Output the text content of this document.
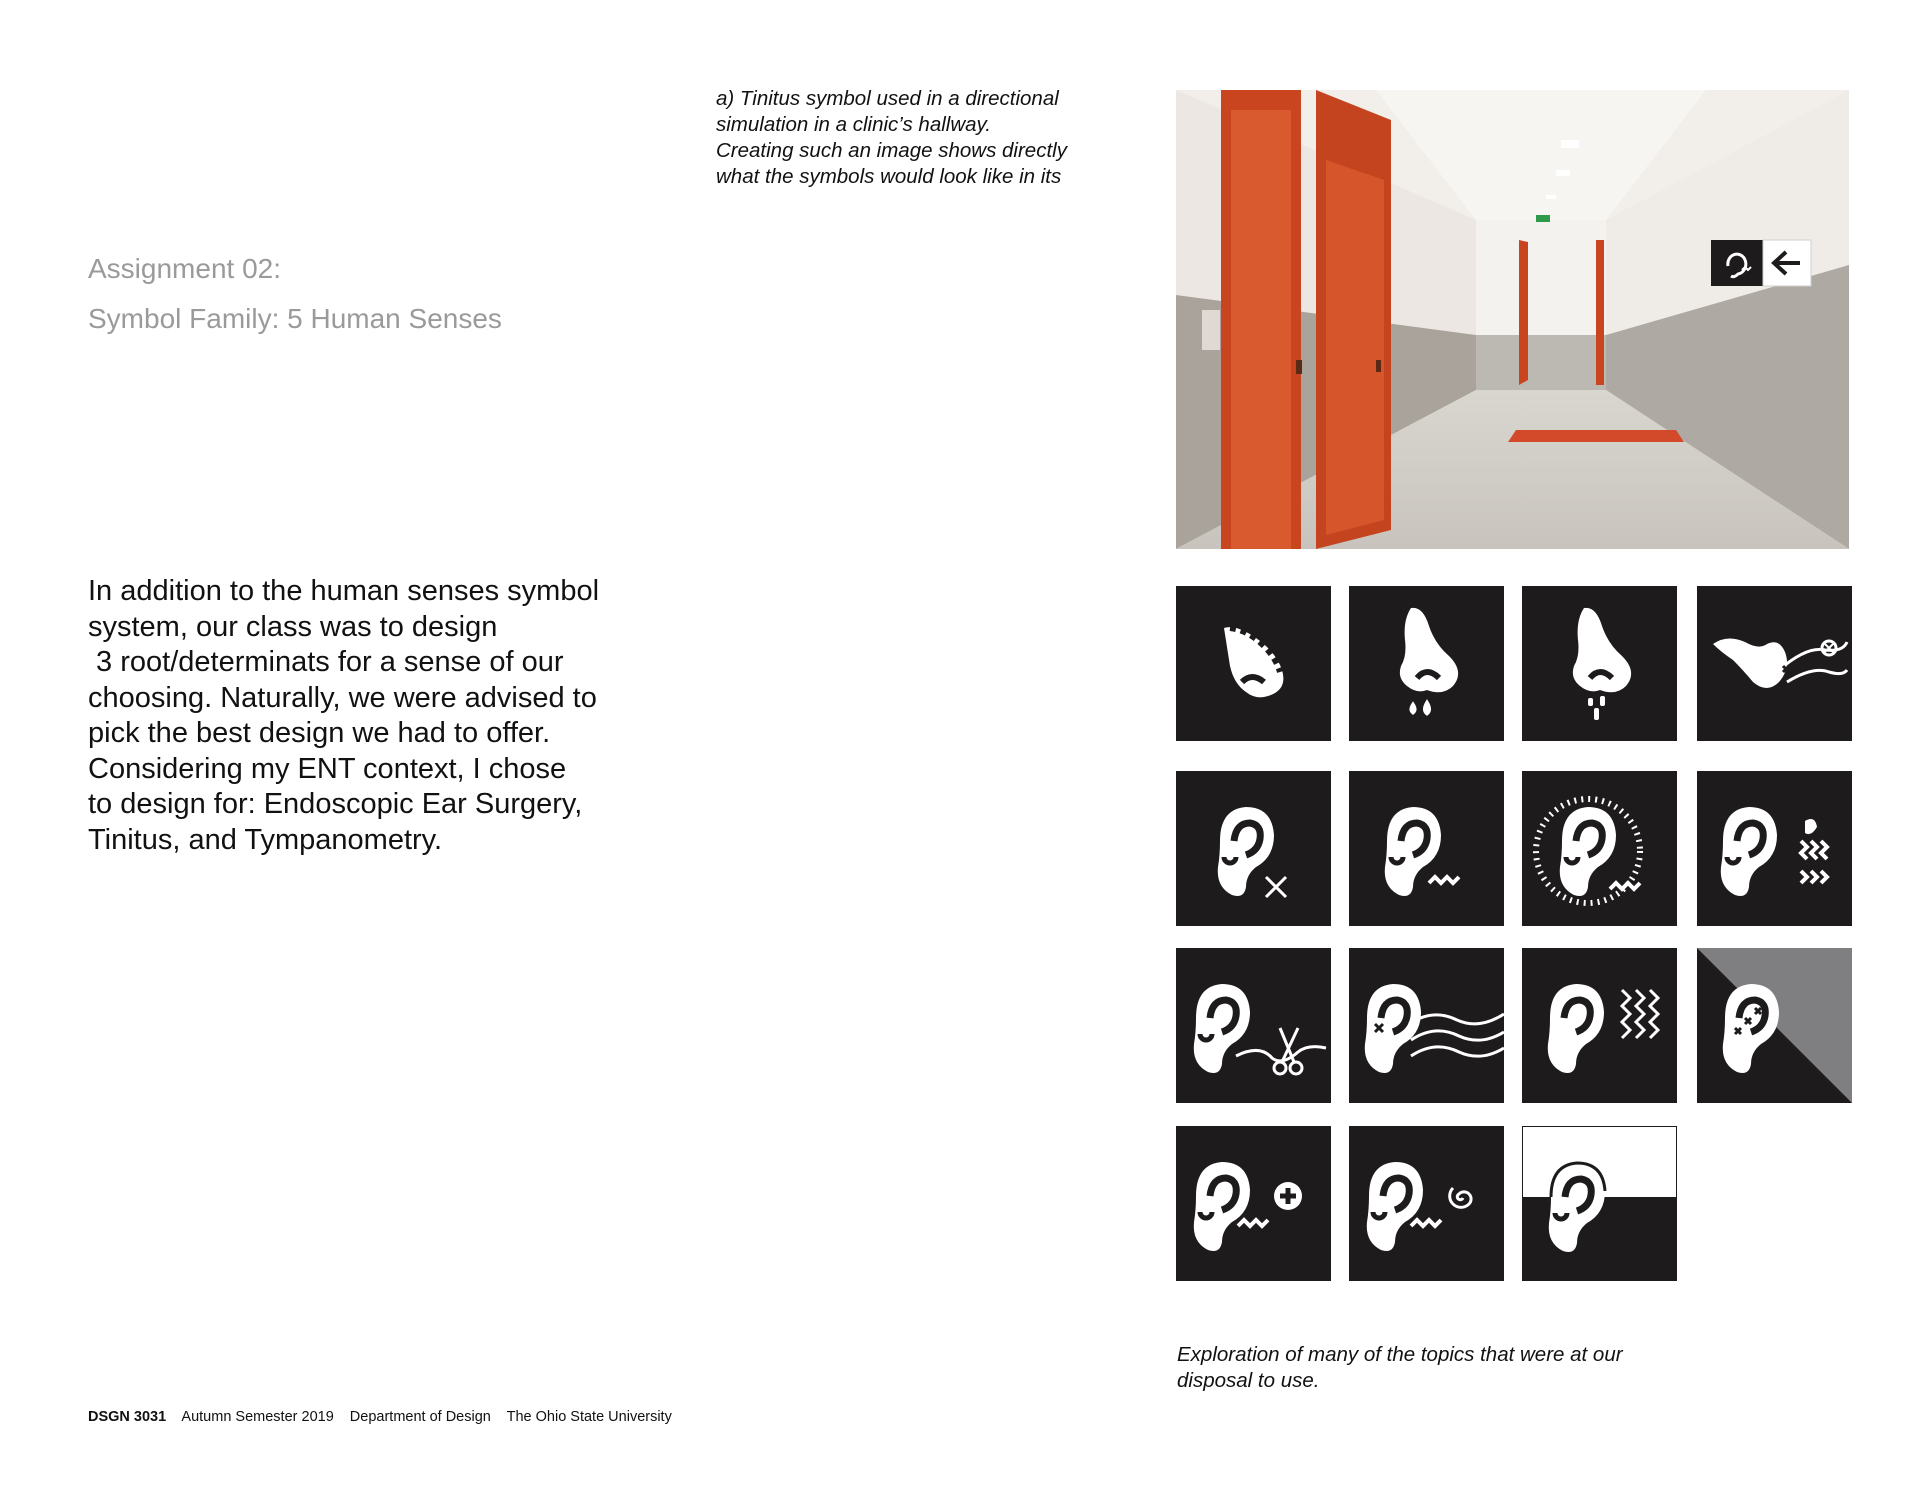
Assignment 02:
Symbol Family: 5 Human Senses
In addition to the human senses symbol
system, our class was to design
3 root/determinats for a sense of our
choosing. Naturally, we were advised to
pick the best design we had to offer.
Considering my ENT context, I chose
to design for: Endoscopic Ear Surgery,
Tinitus, and Tympanometry.
a) Tinitus symbol used in a directional
simulation in a clinic’s hallway.
Creating such an image shows directly
what the symbols would look like in its
Exploration of many of the topics that were at our
disposal to use.
DSGN 3031 Autumn Semester 2019 Department of Design The Ohio State University
